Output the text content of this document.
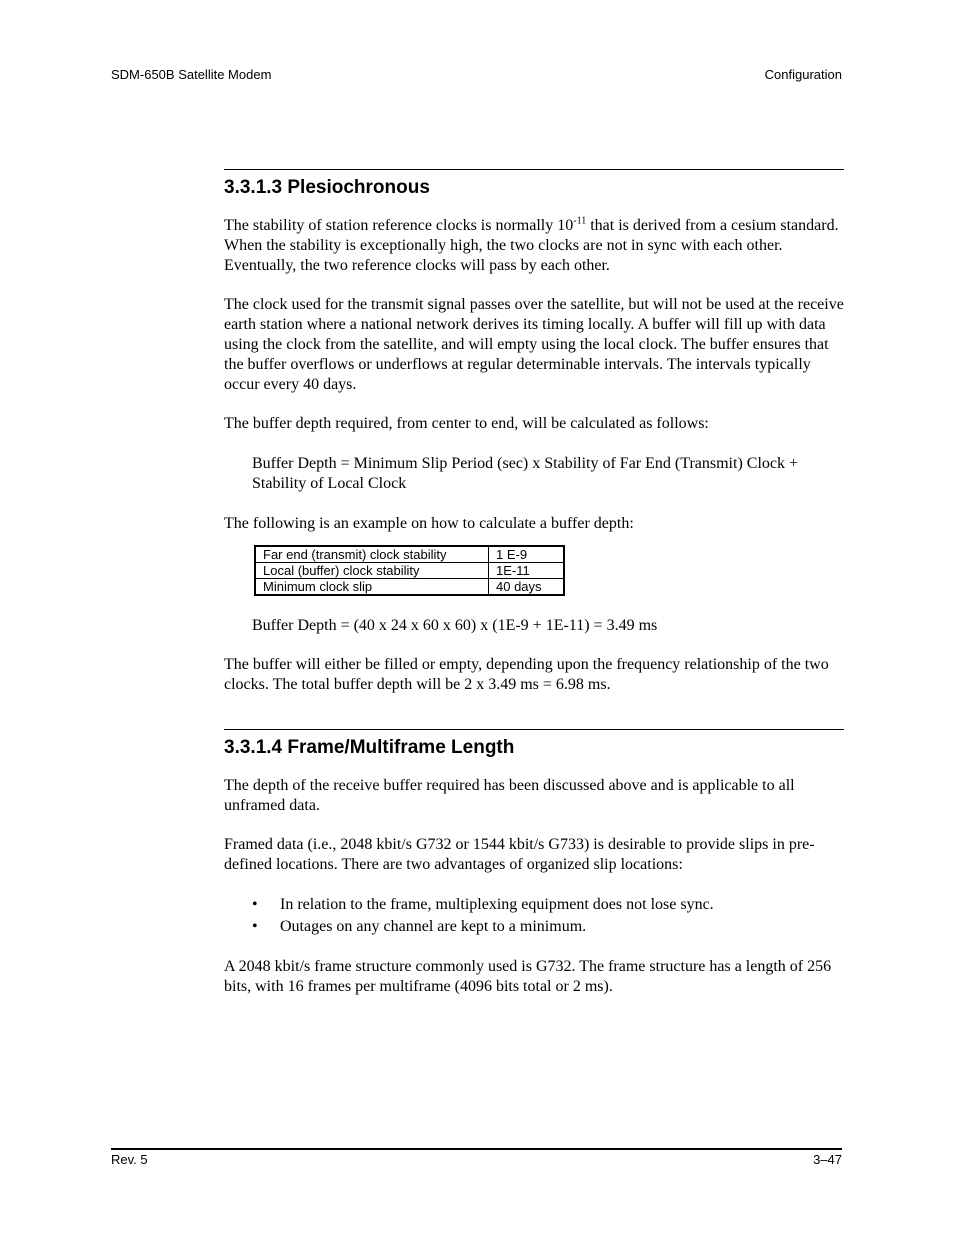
SDM-650B Satellite Modem	Configuration
3.3.1.3 Plesiochronous

The stability of station reference clocks is normally $10^{-11}$ that is derived from a cesium standard. When the stability is exceptionally high, the two clocks are not in sync with each other. Eventually, the two reference clocks will pass by each other.

The clock used for the transmit signal passes over the satellite, but will not be used at the receive earth station where a national network derives its timing locally. A buffer will fill up with data using the clock from the satellite, and will empty using the local clock. The buffer ensures that the buffer overflows or underflows at regular determinable intervals. The intervals typically occur every 40 days.

The buffer depth required, from center to end, will be calculated as follows:

Buffer Depth = Minimum Slip Period (sec) x Stability of Far End (Transmit) Clock + Stability of Local Clock

The following is an example on how to calculate a buffer depth:

Far end (transmit) clock stability	1 E-9
Local (buffer) clock stability	1E-11
Minimum clock slip	40 days

Buffer Depth = (40 x 24 x 60 x 60) x (1E-9 + 1E-11) = 3.49 ms

The buffer will either be filled or empty, depending upon the frequency relationship of the two clocks. The total buffer depth will be 2 x 3.49 ms = 6.98 ms.

3.3.1.4 Frame/Multiframe Length

The depth of the receive buffer required has been discussed above and is applicable to all unframed data.

Framed data (i.e., 2048 kbit/s G732 or 1544 kbit/s G733) is desirable to provide slips in pre-defined locations. There are two advantages of organized slip locations:

• In relation to the frame, multiplexing equipment does not lose sync.
• Outages on any channel are kept to a minimum.

A 2048 kbit/s frame structure commonly used is G732. The frame structure has a length of 256 bits, with 16 frames per multiframe (4096 bits total or 2 ms).

Rev. 5	3–47
